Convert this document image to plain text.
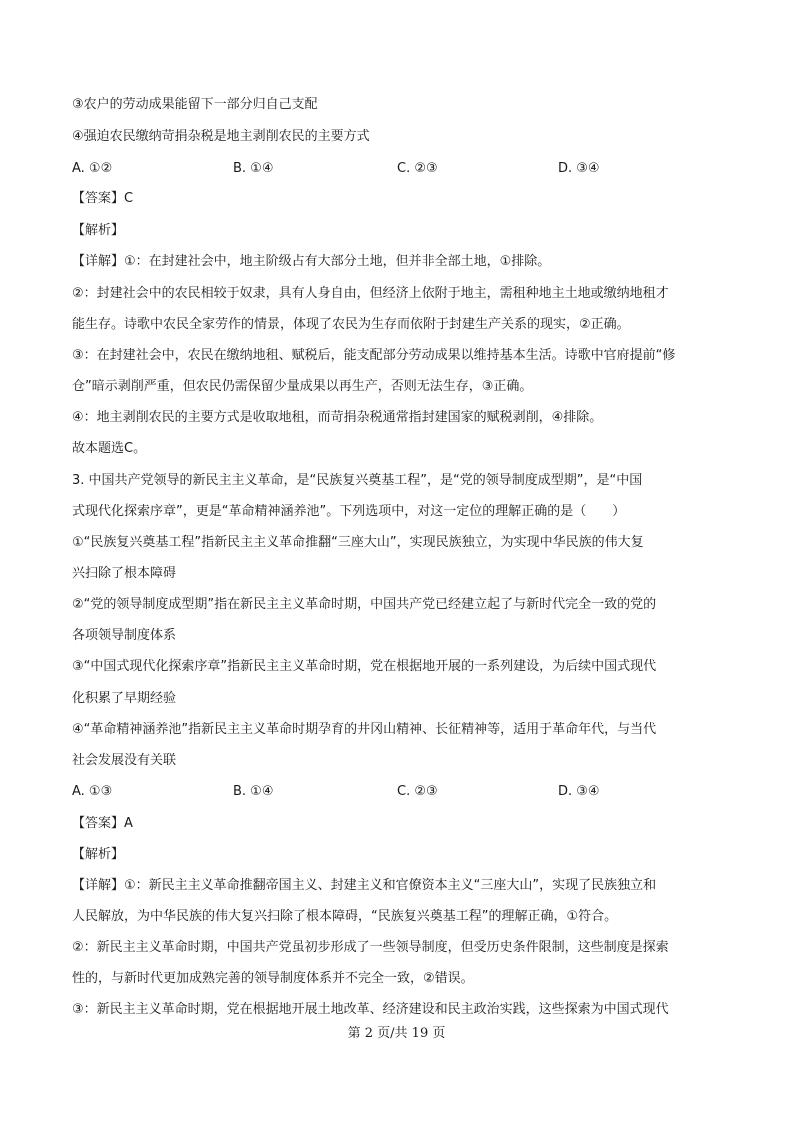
③农户的劳动成果能留下一部分归自己支配
④强迫农民缴纳苛捐杂税是地主剥削农民的主要方式
A. ①②	B. ①④	C. ②③	D. ③④
【答案】C
【解析】
【详解】①：在封建社会中，地主阶级占有大部分土地，但并非全部土地，①排除。
②：封建社会中的农民相较于奴隶，具有人身自由，但经济上依附于地主，需租种地主土地或缴纳地租才
能生存。诗歌中农民全家劳作的情景，体现了农民为生存而依附于封建生产关系的现实，②正确。
③：在封建社会中，农民在缴纳地租、赋税后，能支配部分劳动成果以维持基本生活。诗歌中官府提前“修
仓”暗示剥削严重，但农民仍需保留少量成果以再生产，否则无法生存，③正确。
④：地主剥削农民的主要方式是收取地租，而苛捐杂税通常指封建国家的赋税剥削，④排除。
故本题选C。
3. 中国共产党领导的新民主主义革命，是“民族复兴奠基工程”，是“党的领导制度成型期”，是“中国
式现代化探索序章”，更是“革命精神涵养池”。下列选项中，对这一定位的理解正确的是（　　）
①“民族复兴奠基工程”指新民主主义革命推翻“三座大山”，实现民族独立，为实现中华民族的伟大复
兴扫除了根本障碍
②“党的领导制度成型期”指在新民主主义革命时期，中国共产党已经建立起了与新时代完全一致的党的
各项领导制度体系
③“中国式现代化探索序章”指新民主主义革命时期，党在根据地开展的一系列建设，为后续中国式现代
化积累了早期经验
④“革命精神涵养池”指新民主主义革命时期孕育的井冈山精神、长征精神等，适用于革命年代，与当代
社会发展没有关联
A. ①③	B. ①④	C. ②③	D. ③④
【答案】A
【解析】
【详解】①：新民主主义革命推翻帝国主义、封建主义和官僚资本主义“三座大山”，实现了民族独立和
人民解放，为中华民族的伟大复兴扫除了根本障碍，“民族复兴奠基工程”的理解正确，①符合。
②：新民主主义革命时期，中国共产党虽初步形成了一些领导制度，但受历史条件限制，这些制度是探索
性的，与新时代更加成熟完善的领导制度体系并不完全一致，②错误。
③：新民主主义革命时期，党在根据地开展土地改革、经济建设和民主政治实践，这些探索为中国式现代
第 2 页/共 19 页
